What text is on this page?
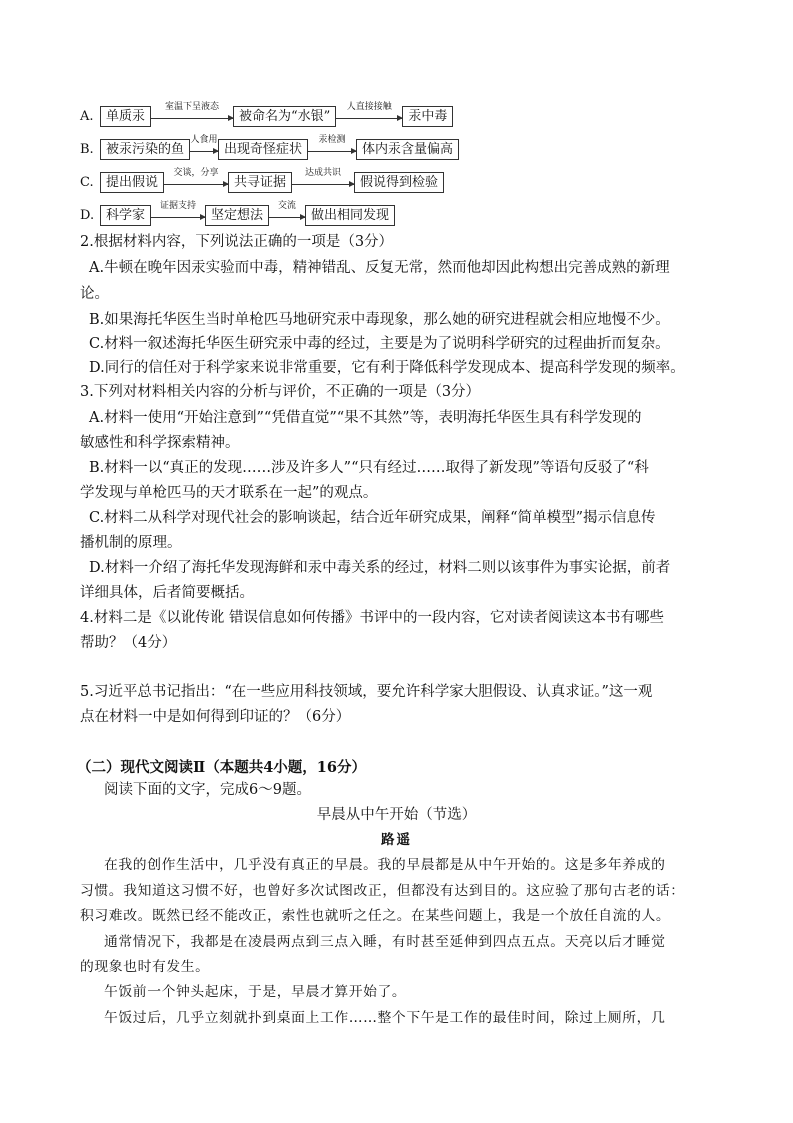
A. 单质汞
室温下呈液态
被命名为“水银”
人直接接触
汞中毒
B. 被汞污染的鱼
人食用
出现奇怪症状
汞检测
体内汞含量偏高
C. 提出假说
交谈，分享
共寻证据
达成共识
假说得到检验
D. 科学家
证据支持
坚定想法
交流
做出相同发现
2.根据材料内容，下列说法正确的一项是（3分）
A.牛顿在晚年因汞实验而中毒，精神错乱、反复无常，然而他却因此构想出完善成熟的新理
论。
B.如果海托华医生当时单枪匹马地研究汞中毒现象，那么她的研究进程就会相应地慢不少。
C.材料一叙述海托华医生研究汞中毒的经过，主要是为了说明科学研究的过程曲折而复杂。
D.同行的信任对于科学家来说非常重要，它有利于降低科学发现成本、提高科学发现的频率。
3.下列对材料相关内容的分析与评价，不正确的一项是（3分）
A.材料一使用“开始注意到”“凭借直觉”“果不其然”等，表明海托华医生具有科学发现的
敏感性和科学探索精神。
B.材料一以“真正的发现……涉及许多人”“只有经过……取得了新发现”等语句反驳了“科
学发现与单枪匹马的天才联系在一起”的观点。
C.材料二从科学对现代社会的影响谈起，结合近年研究成果，阐释“简单模型”揭示信息传
播机制的原理。
D.材料一介绍了海托华发现海鲜和汞中毒关系的经过，材料二则以该事件为事实论据，前者
详细具体，后者简要概括。
4.材料二是《以讹传讹 错误信息如何传播》书评中的一段内容，它对读者阅读这本书有哪些
帮助？（4分）
5.习近平总书记指出：“在一些应用科技领域，要允许科学家大胆假设、认真求证。”这一观
点在材料一中是如何得到印证的？（6分）
（二）现代文阅读Ⅱ（本题共4小题，16分）
阅读下面的文字，完成6～9题。
早晨从中午开始（节选）
路遥
在我的创作生活中，几乎没有真正的早晨。我的早晨都是从中午开始的。这是多年养成的
习惯。我知道这习惯不好，也曾好多次试图改正，但都没有达到目的。这应验了那句古老的话：
积习难改。既然已经不能改正，索性也就听之任之。在某些问题上，我是一个放任自流的人。
通常情况下，我都是在凌晨两点到三点入睡，有时甚至延伸到四点五点。天亮以后才睡觉
的现象也时有发生。
午饭前一个钟头起床，于是，早晨才算开始了。
午饭过后，几乎立刻就扑到桌面上工作……整个下午是工作的最佳时间，除过上厕所，几
